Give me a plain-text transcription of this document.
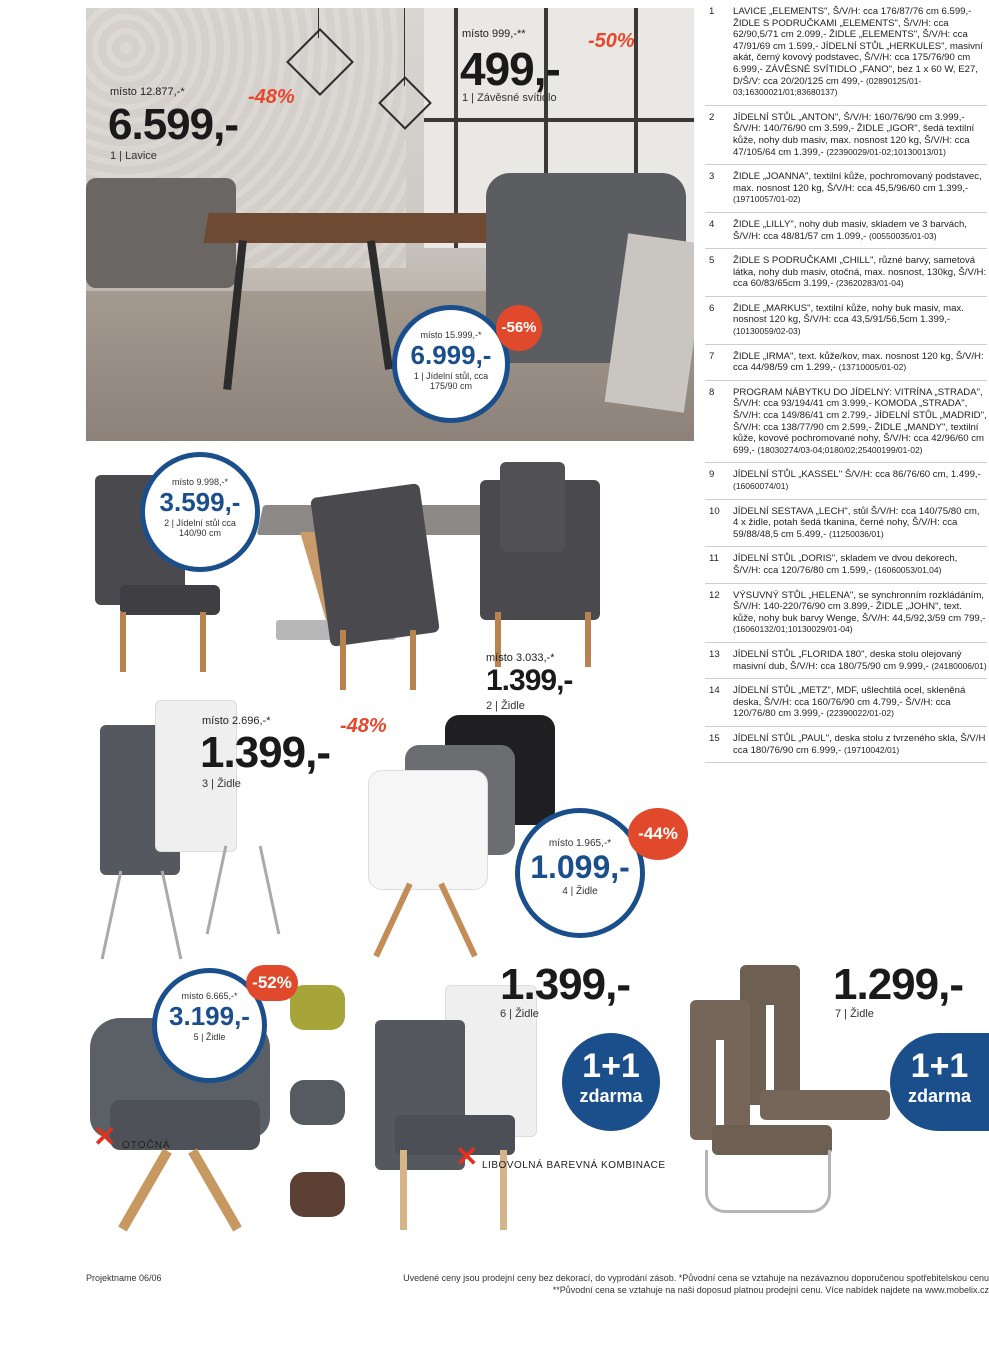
místo 12.877,-*
6.599,-
-48%
1 | Lavice
místo 999,-**
499,-
-50%
1 | Závěsné svítidlo
místo 15.999,-*
6.999,-
1 | Jídelní stůl, cca 175/90 cm
-56%
místo 9.998,-*
3.599,-
2 | Jídelní stůl cca 140/90 cm
místo 3.033,-*
1.399,-
2 | Židle
místo 2.696,-*
1.399,-
-48%
3 | Židle
místo 1.965,-*
1.099,-
4 | Židle
-44%
místo 6.665,-*
3.199,-
5 | Židle
-52%
✕ OTOČNÁ
1.399,-
6 | Židle
1+1
zdarma
✕ LIBOVOLNÁ BAREVNÁ KOMBINACE
1.299,-
7 | Židle
1+1
zdarma
1 LAVICE „ELEMENTS", Š/V/H: cca 176/87/76 cm 6.599,- ŽIDLE S PODRUČKAMI „ELEMENTS", Š/V/H: cca 62/90,5/71 cm 2.099,- ŽIDLE „ELEMENTS", Š/V/H: cca 47/91/69 cm 1.599,- JÍDELNÍ STŮL „HERKULES", masivní akát, černý kovový podstavec, Š/V/H: cca 175/76/90 cm 6.999,- ZÁVĚSNÉ SVÍTIDLO „FANO", bez 1 x 60 W, E27, D/Š/V: cca 20/20/125 cm 499,- (02890125/01-03;16300021/01;83680137)
2 JÍDELNÍ STŮL „ANTON", Š/V/H: 160/76/90 cm 3.999,- Š/V/H: 140/76/90 cm 3.599,- ŽIDLE „IGOR", šedá textilní kůže, nohy dub masiv, max. nosnost 120 kg, Š/V/H: cca 47/105/64 cm 1.399,- (22390029/01-02;10130013/01)
3 ŽIDLE „JOANNA", textilní kůže, pochromovaný podstavec, max. nosnost 120 kg, Š/V/H: cca 45,5/96/60 cm 1.399,- (19710057/01-02)
4 ŽIDLE „LILLY", nohy dub masiv, skladem ve 3 barvách, Š/V/H: cca 48/81/57 cm 1.099,- (00550035/01-03)
5 ŽIDLE S PODRUČKAMI „CHILL", různé barvy, sametová látka, nohy dub masiv, otočná, max. nosnost, 130kg, Š/V/H: cca 60/83/65cm 3.199,- (23620283/01-04)
6 ŽIDLE „MARKUS", textilní kůže, nohy buk masiv, max. nosnost 120 kg, Š/V/H: cca 43,5/91/56,5cm 1.399,- (10130059/02-03)
7 ŽIDLE „IRMA", text. kůže/kov, max. nosnost 120 kg, Š/V/H: cca 44/98/59 cm 1.299,- (13710005/01-02)
8 PROGRAM NÁBYTKU DO JÍDELNY: VITRÍNA „STRADA", Š/V/H: cca 93/194/41 cm 3.999,- KOMODA „STRADA", Š/V/H: cca 149/86/41 cm 2.799,- JÍDELNÍ STŮL „MADRID", Š/V/H: cca 138/77/90 cm 2.599,- ŽIDLE „MANDY", textilní kůže, kovové pochromované nohy, Š/V/H: cca 42/96/60 cm 699,- (18030274/03-04;0180/02;25400199/01-02)
9 JÍDELNÍ STŮL „KASSEL" Š/V/H: cca 86/76/60 cm, 1.499,- (16060074/01)
10 JÍDELNÍ SESTAVA „LECH", stůl Š/V/H: cca 140/75/80 cm, 4 x židle, potah šedá tkanina, černé nohy, Š/V/H: cca 59/88/48,5 cm 5.499,- (11250036/01)
11 JÍDELNÍ STŮL „DORIS", skladem ve dvou dekorech, Š/V/H: cca 120/76/80 cm 1.599,- (16060053/01,04)
12 VÝSUVNÝ STŮL „HELENA", se synchronním rozkládáním, Š/V/H: 140-220/76/90 cm 3.899,- ŽIDLE „JOHN", text. kůže, nohy buk barvy Wenge, Š/V/H: 44,5/92,3/59 cm 799,- (16060132/01;10130029/01-04)
13 JÍDELNÍ STŮL „FLORIDA 180", deska stolu olejovaný masivní dub, Š/V/H: cca 180/75/90 cm 9.999,- (24180006/01)
14 JÍDELNÍ STŮL „METZ", MDF, ušlechtilá ocel, skleněná deska, Š/V/H: cca 160/76/90 cm 4.799,- Š/V/H: cca 120/76/80 cm 3.999,- (22390022/01-02)
15 JÍDELNÍ STŮL „PAUL", deska stolu z tvrzeného skla, Š/V/H cca 180/76/90 cm 6.999,- (19710042/01)
Projektname 06/06	Uvedené ceny jsou prodejní ceny bez dekorací, do vyprodání zásob. *Původní cena se vztahuje na nezávaznou doporučenou spotřebitelskou cenu
**Původní cena se vztahuje na naši doposud platnou prodejní cenu. Více nabídek najdete na www.mobelix.cz
